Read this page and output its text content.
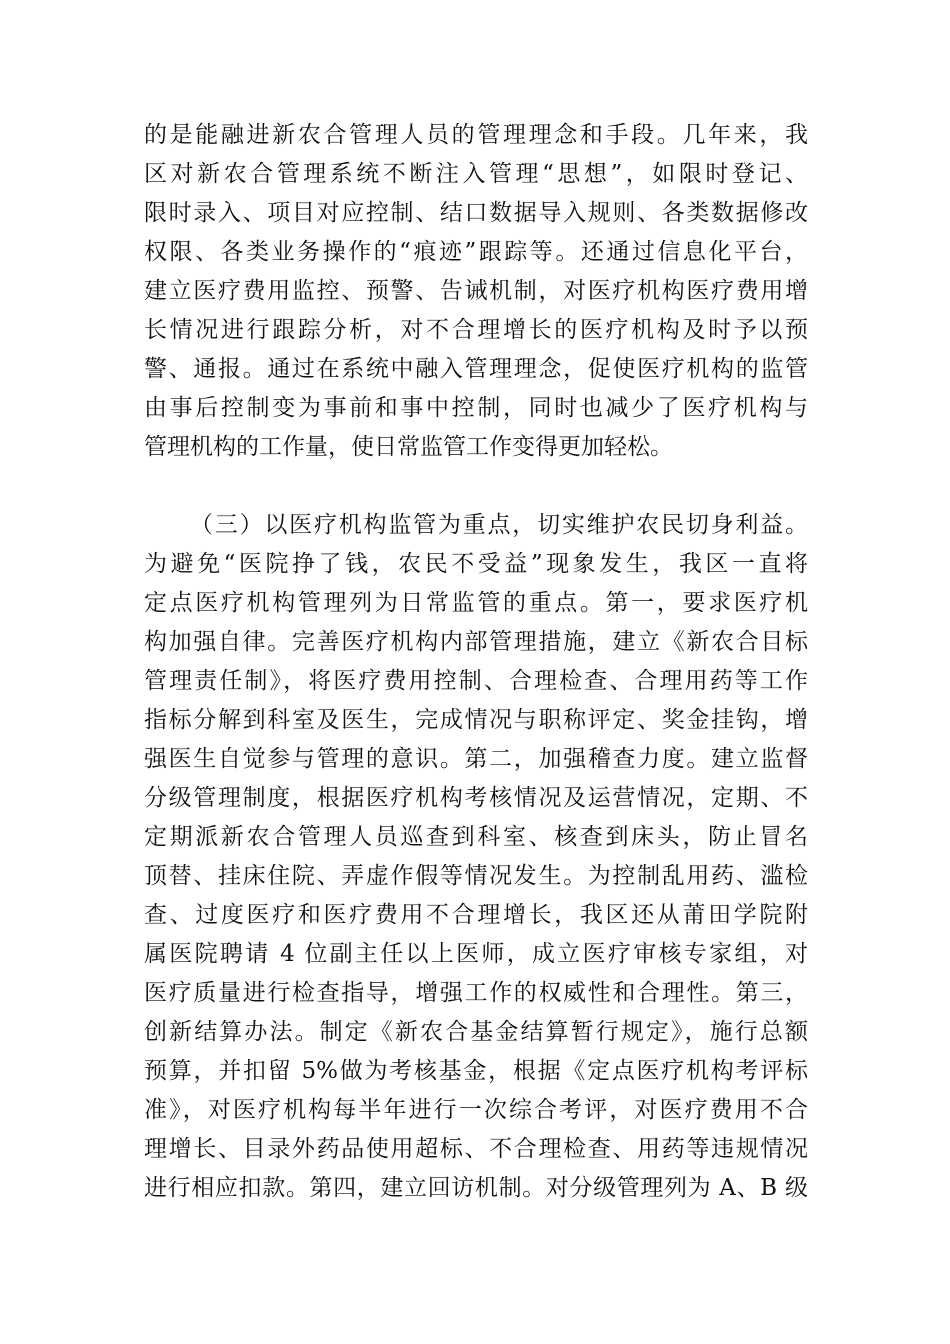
的是能融进新农合管理人员的管理理念和手段。几年来，我
区对新农合管理系统不断注入管理“思想”，如限时登记、
限时录入、项目对应控制、结口数据导入规则、各类数据修改
权限、各类业务操作的“痕迹”跟踪等。还通过信息化平台，
建立医疗费用监控、预警、告诫机制，对医疗机构医疗费用增
长情况进行跟踪分析，对不合理增长的医疗机构及时予以预
警、通报。通过在系统中融入管理理念，促使医疗机构的监管
由事后控制变为事前和事中控制，同时也减少了医疗机构与
管理机构的工作量，使日常监管工作变得更加轻松。
（三）以医疗机构监管为重点，切实维护农民切身利益。
为避免“医院挣了钱，农民不受益”现象发生，我区一直将
定点医疗机构管理列为日常监管的重点。第一，要求医疗机
构加强自律。完善医疗机构内部管理措施，建立《新农合目标
管理责任制》，将医疗费用控制、合理检查、合理用药等工作
指标分解到科室及医生，完成情况与职称评定、奖金挂钩，增
强医生自觉参与管理的意识。第二，加强稽查力度。建立监督
分级管理制度，根据医疗机构考核情况及运营情况，定期、不
定期派新农合管理人员巡查到科室、核查到床头，防止冒名
顶替、挂床住院、弄虚作假等情况发生。为控制乱用药、滥检
查、过度医疗和医疗费用不合理增长，我区还从莆田学院附
属医院聘请 4 位副主任以上医师，成立医疗审核专家组，对
医疗质量进行检查指导，增强工作的权威性和合理性。第三，
创新结算办法。制定《新农合基金结算暂行规定》，施行总额
预算，并扣留 5%做为考核基金，根据《定点医疗机构考评标
准》，对医疗机构每半年进行一次综合考评，对医疗费用不合
理增长、目录外药品使用超标、不合理检查、用药等违规情况
进行相应扣款。第四，建立回访机制。对分级管理列为 A、B 级
